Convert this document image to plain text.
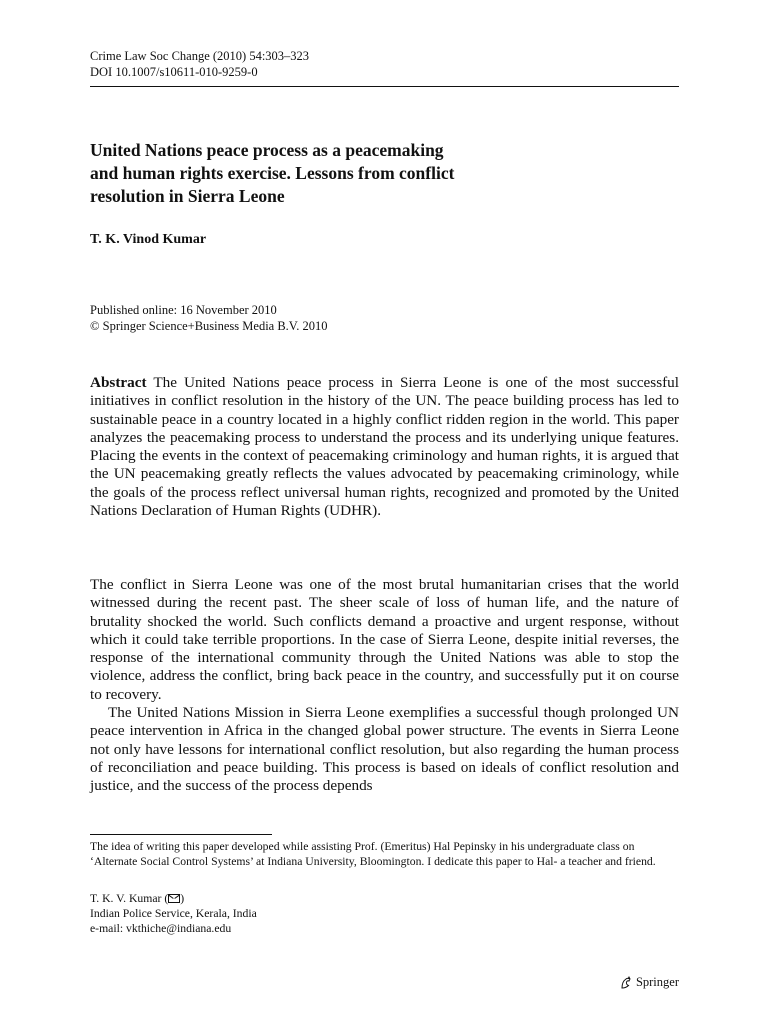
Crime Law Soc Change (2010) 54:303–323
DOI 10.1007/s10611-010-9259-0
United Nations peace process as a peacemaking
and human rights exercise. Lessons from conflict
resolution in Sierra Leone
T. K. Vinod Kumar
Published online: 16 November 2010
© Springer Science+Business Media B.V. 2010

Abstract The United Nations peace process in Sierra Leone is one of the most successful initiatives in conflict resolution in the history of the UN. The peace building process has led to sustainable peace in a country located in a highly conflict ridden region in the world. This paper analyzes the peacemaking process to understand the process and its underlying unique features. Placing the events in the context of peacemaking criminology and human rights, it is argued that the UN peacemaking greatly reflects the values advocated by peacemaking criminology, while the goals of the process reflect universal human rights, recognized and promoted by the United Nations Declaration of Human Rights (UDHR).

The conflict in Sierra Leone was one of the most brutal humanitarian crises that the world witnessed during the recent past. The sheer scale of loss of human life, and the nature of brutality shocked the world. Such conflicts demand a proactive and urgent response, without which it could take terrible proportions. In the case of Sierra Leone, despite initial reverses, the response of the international community through the United Nations was able to stop the violence, address the conflict, bring back peace in the country, and successfully put it on course to recovery.

The United Nations Mission in Sierra Leone exemplifies a successful though prolonged UN peace intervention in Africa in the changed global power structure. The events in Sierra Leone not only have lessons for international conflict resolution, but also regarding the human process of reconciliation and peace building. This process is based on ideals of conflict resolution and justice, and the success of the process depends

The idea of writing this paper developed while assisting Prof. (Emeritus) Hal Pepinsky in his undergraduate class on ‘Alternate Social Control Systems’ at Indiana University, Bloomington. I dedicate this paper to Hal- a teacher and friend.

T. K. V. Kumar ( )
Indian Police Service, Kerala, India
e-mail: vkthiche@indiana.edu
Springer
